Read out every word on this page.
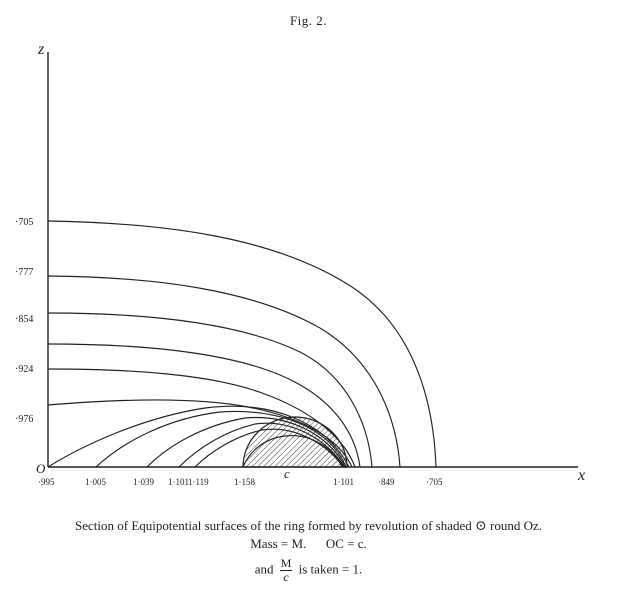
Fig. 2.
z
x
O	c
·705
·777
·854
·924
·976
·995	1·005	1·039 1·101 1·119	1·158	1·101	·849	·705
Section of Equipotential surfaces of the ring formed by revolution of shaded ⊙ round Oz.
Mass = M. OC = c.
and $\frac{M}{c}$ is taken = 1.
